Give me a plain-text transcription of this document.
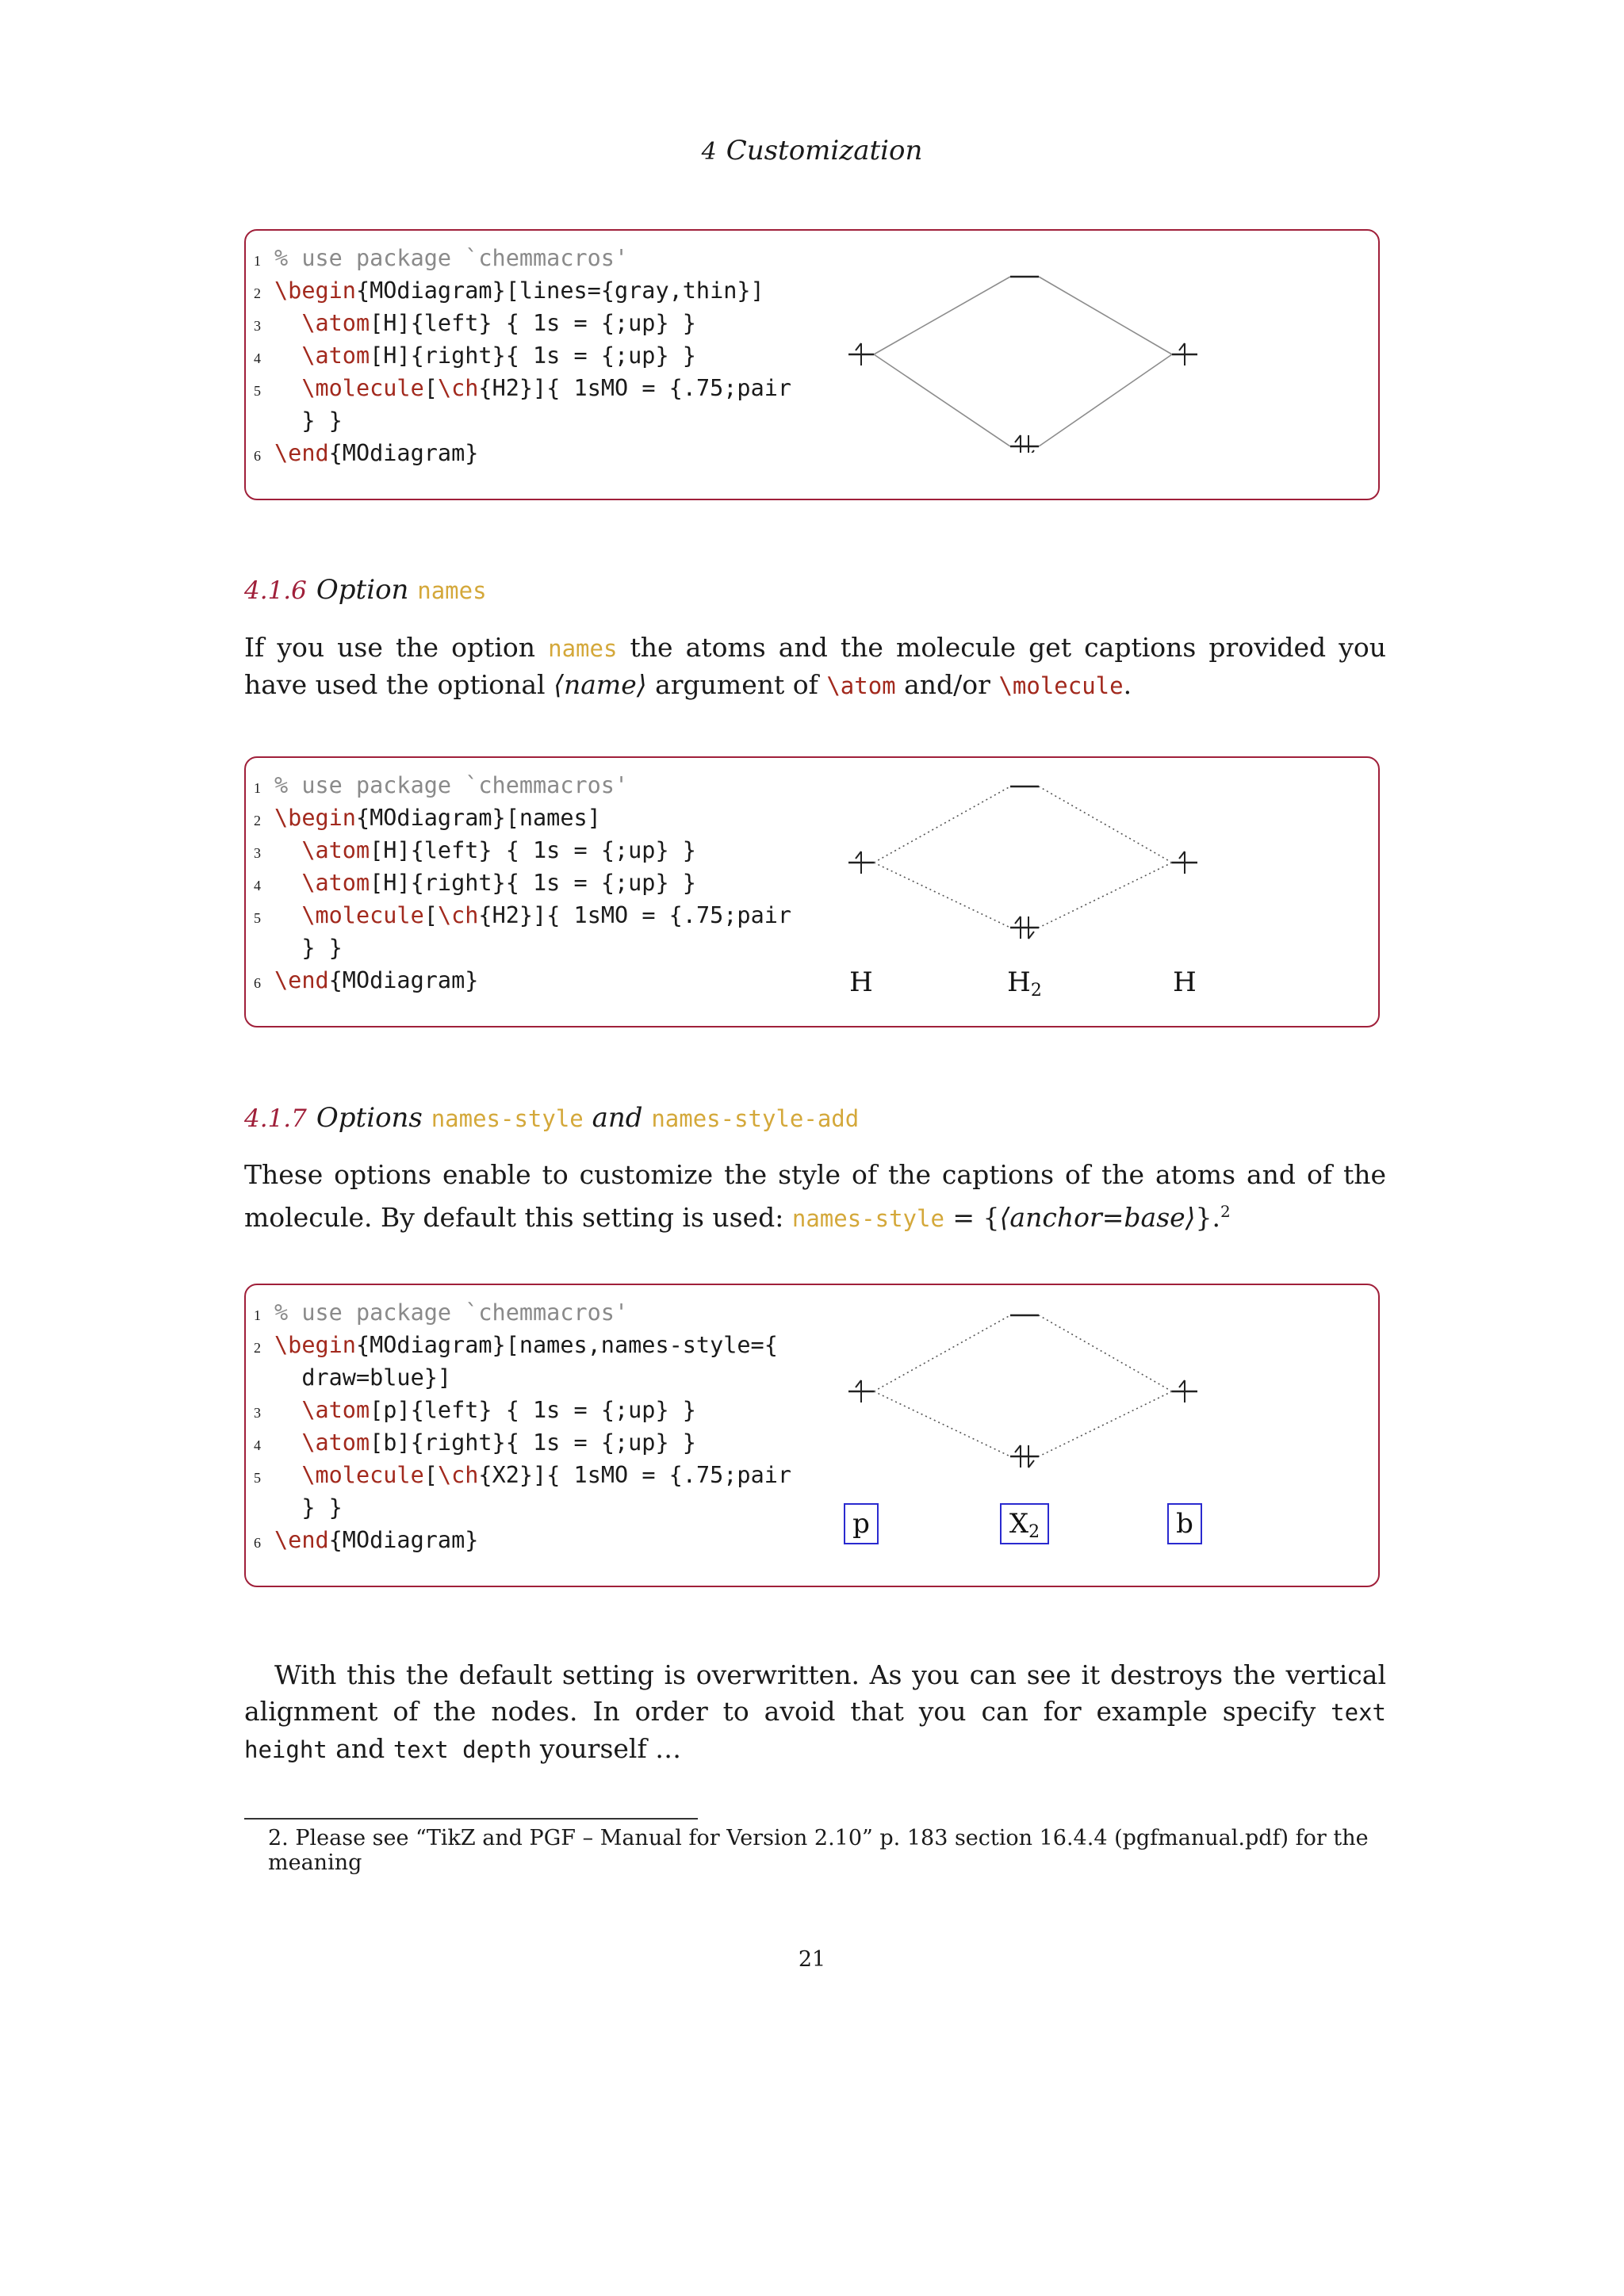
4 Customization
1 % use package `chemmacros'
2 \begin{MOdiagram}[lines={gray,thin}]
3	\atom[H]{left} { 1s = {;up} }
4	\atom[H]{right}{ 1s = {;up} }
5	\molecule[\ch{H2}]{ 1sMO = {.75;pair
} }
6 \end{MOdiagram}
4.1.6 Option names
If you use the option names the atoms and the molecule get captions provided you have used the optional ⟨name⟩ argument of \atom and/or \molecule.
1 % use package `chemmacros'
2 \begin{MOdiagram}[names]
3	\atom[H]{left} { 1s = {;up} }
4	\atom[H]{right}{ 1s = {;up} }
5	\molecule[\ch{H2}]{ 1sMO = {.75;pair
} }
6 \end{MOdiagram}	H	H2	H
4.1.7 Options names-style and names-style-add
These options enable to customize the style of the captions of the atoms and of the molecule. By default this setting is used: names-style = {⟨anchor=base⟩}.$^2$
1 % use package `chemmacros'
2 \begin{MOdiagram}[names,names-style={
draw=blue}]
3	\atom[p]{left} { 1s = {;up} }
4	\atom[b]{right}{ 1s = {;up} }
5	\molecule[\ch{X2}]{ 1sMO = {.75;pair
} }
6 \end{MOdiagram}
p	X2	b
With this the default setting is overwritten. As you can see it destroys the vertical alignment of the nodes. In order to avoid that you can for example specify text height and text depth yourself …
2. Please see “TikZ and PGF – Manual for Version 2.10” p. 183 section 16.4.4 (pgfmanual.pdf) for the meaning
21
